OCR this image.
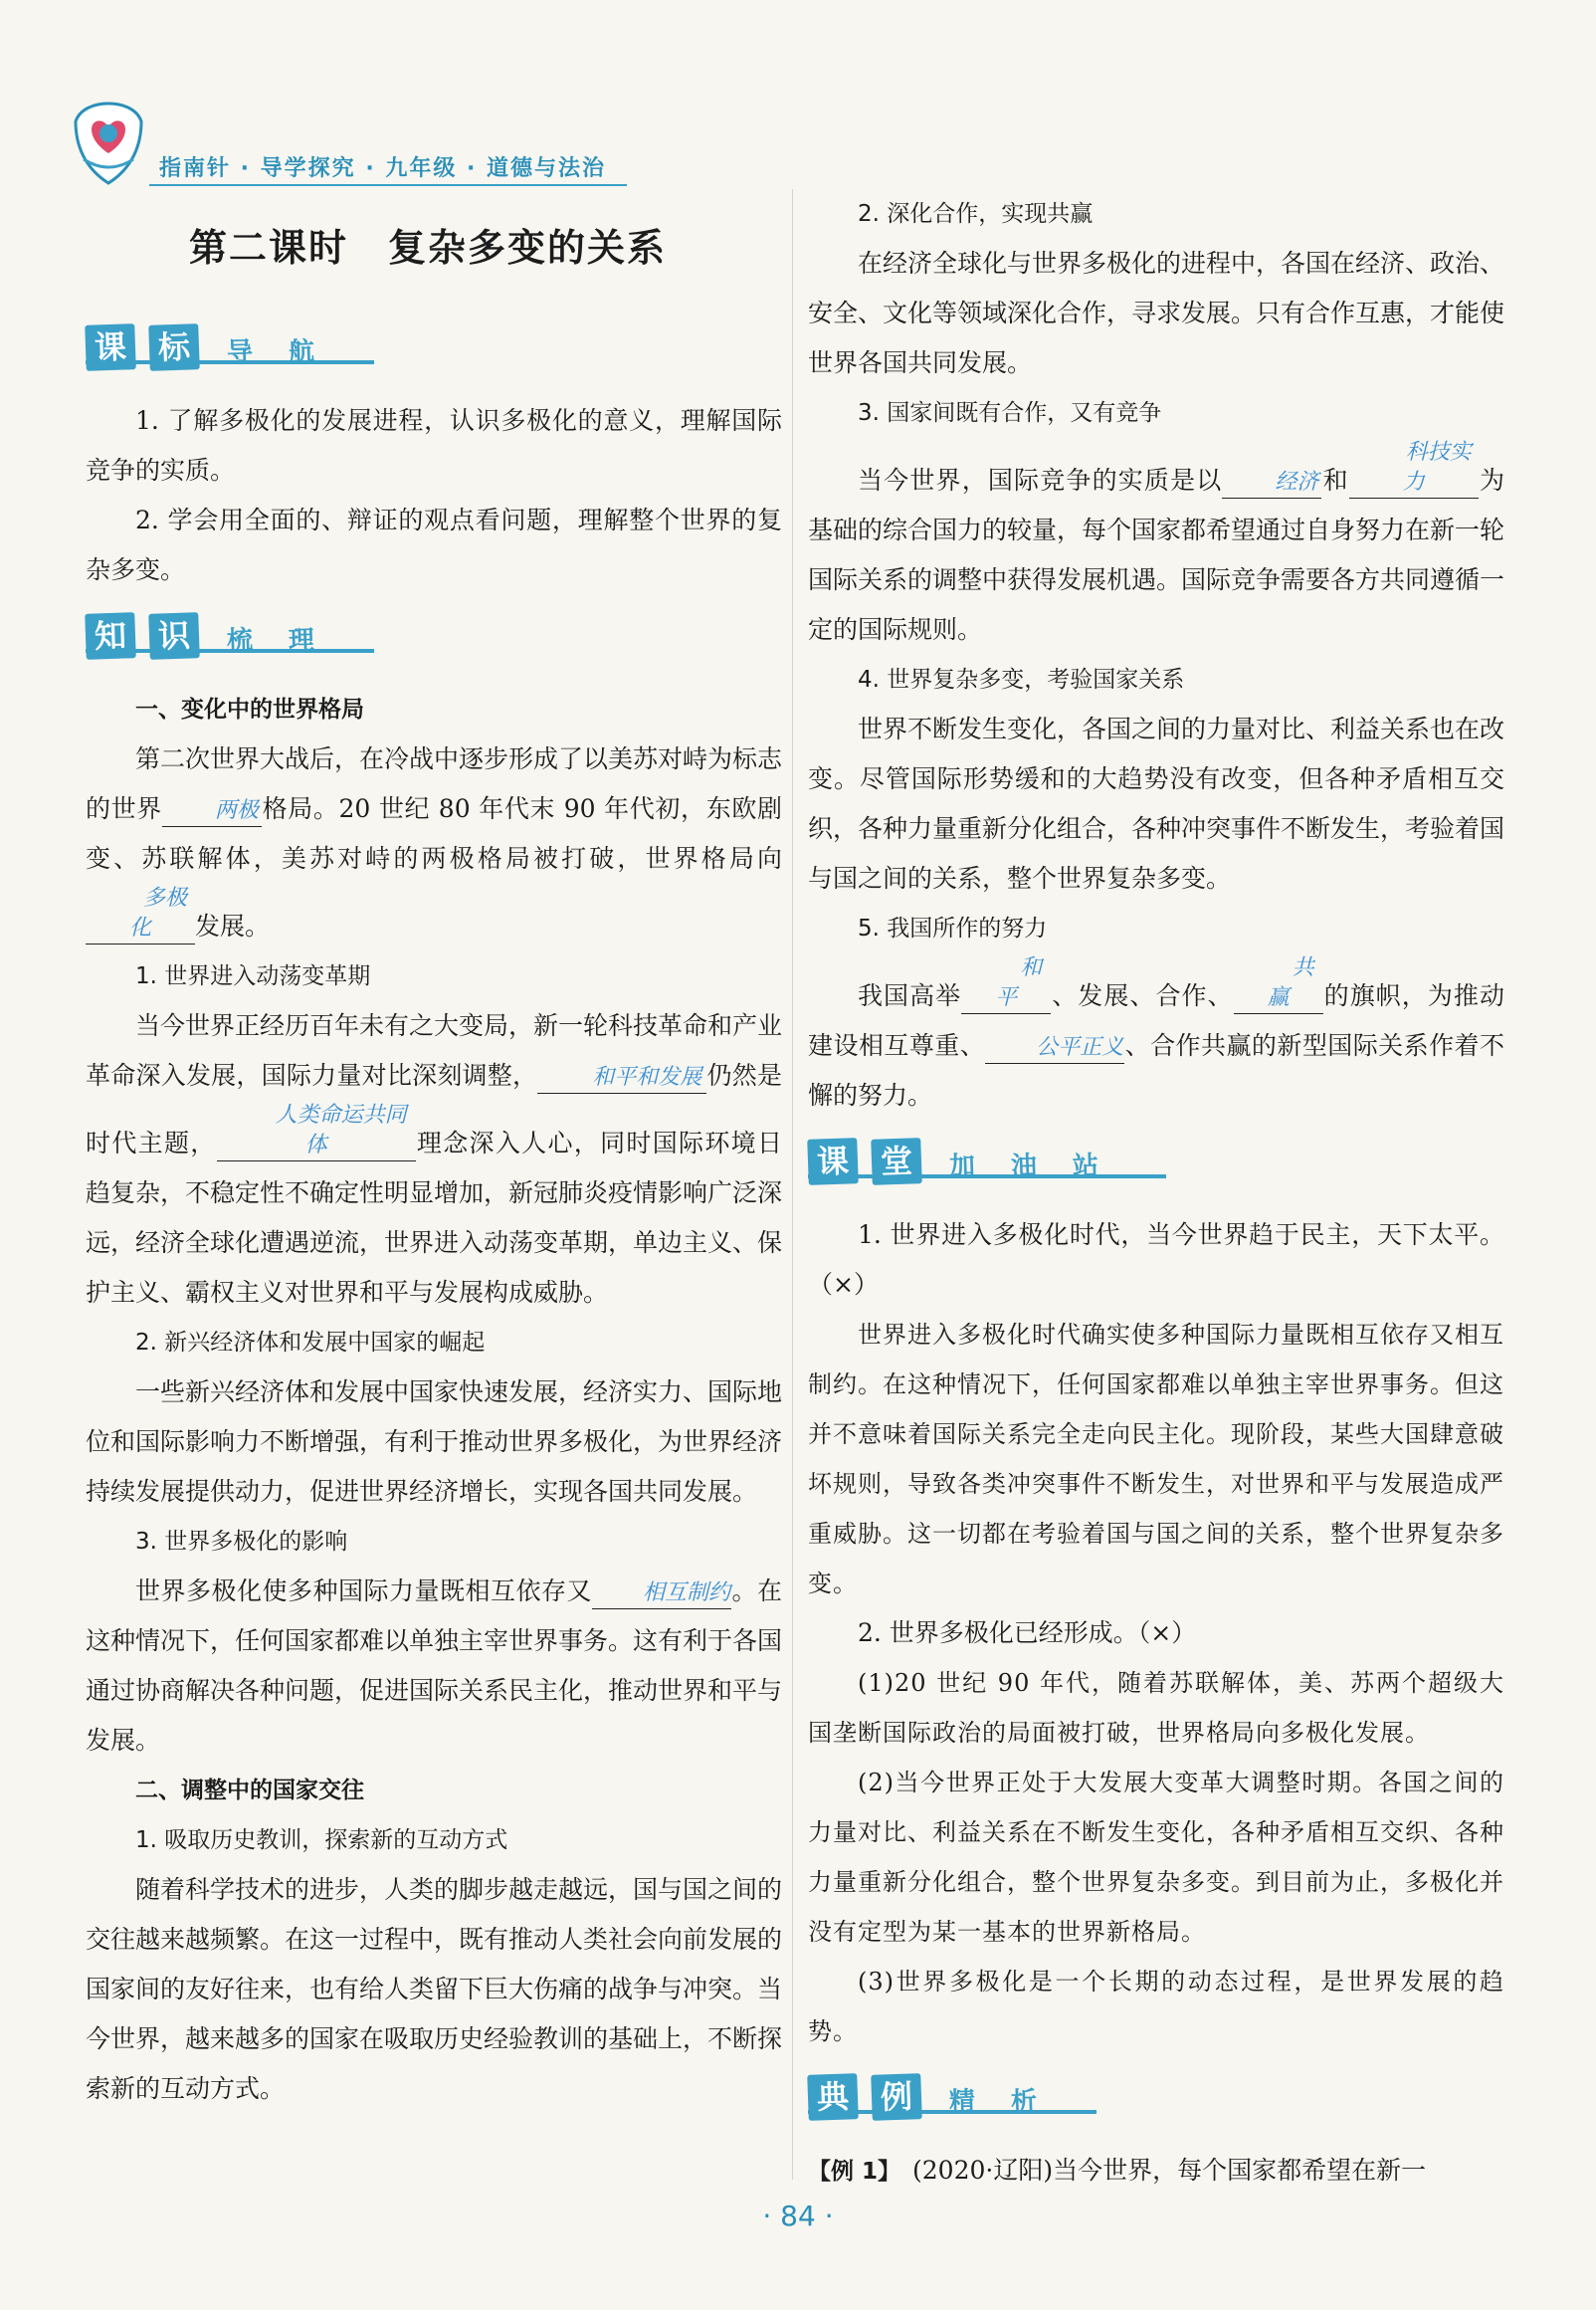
指南针 · 导学探究 · 九年级 · 道德与法治
第二课时　复杂多变的关系
课 标	导	航

1. 了解多极化的发展进程，认识多极化的意义，理解国际竞争的实质。

2. 学会用全面的、辩证的观点看问题，理解整个世界的复杂多变。

知 识	梳	理

一、变化中的世界格局

第二次世界大战后，在冷战中逐步形成了以美苏对峙为标志的世界 两极 格局。20 世纪 80 年代末 90 年代初，东欧剧变、苏联解体，美苏对峙的两极格局被打破，世界格局向多极化 发展。

1. 世界进入动荡变革期

当今世界正经历百年未有之大变局，新一轮科技革命和产业革命深入发展，国际力量对比深刻调整， 和平和发展 仍然是时代主题，人类命运共同体	理念深入人心，同时国际环境日趋复杂，不稳定性不确定性明显增加，新冠肺炎疫情影响广泛深远，经济全球化遭遇逆流，世界进入动荡变革期，单边主义、保护主义、霸权主义对世界和平与发展构成威胁。

2. 新兴经济体和发展中国家的崛起

一些新兴经济体和发展中国家快速发展，经济实力、国际地位和国际影响力不断增强，有利于推动世界多极化，为世界经济持续发展提供动力，促进世界经济增长，实现各国共同发展。

3. 世界多极化的影响

世界多极化使多种国际力量既相互依存又 相互制约。在这种情况下，任何国家都难以单独主宰世界事务。这有利于各国通过协商解决各种问题，促进国际关系民主化，推动世界和平与发展。

二、调整中的国家交往

1. 吸取历史教训，探索新的互动方式

随着科学技术的进步，人类的脚步越走越远，国与国之间的交往越来越频繁。在这一过程中，既有推动人类社会向前发展的国家间的友好往来，也有给人类留下巨大伤痛的战争与冲突。当今世界，越来越多的国家在吸取历史经验教训的基础上，不断探索新的互动方式。

2. 深化合作，实现共赢

在经济全球化与世界多极化的进程中，各国在经济、政治、安全、文化等领域深化合作，寻求发展。只有合作互惠，才能使世界各国共同发展。

3. 国家间既有合作，又有竞争

当今世界，国际竞争的实质是以 经济 和科技实力 为基础的综合国力的较量，每个国家都希望通过自身努力在新一轮国际关系的调整中获得发展机遇。国际竞争需要各方共同遵循一定的国际规则。

4. 世界复杂多变，考验国家关系

世界不断发生变化，各国之间的力量对比、利益关系也在改变。尽管国际形势缓和的大趋势没有改变，但各种矛盾相互交织，各种力量重新分化组合，各种冲突事件不断发生，考验着国与国之间的关系，整个世界复杂多变。

5. 我国所作的努力

我国高举和平 、发展、合作、共赢 的旗帜，为推动建设相互尊重、 公平正义、合作共赢的新型国际关系作着不懈的努力。

课 堂	加	油	站

1. 世界进入多极化时代，当今世界趋于民主，天下太平。（×）

世界进入多极化时代确实使多种国际力量既相互依存又相互制约。在这种情况下，任何国家都难以单独主宰世界事务。但这并不意味着国际关系完全走向民主化。现阶段，某些大国肆意破坏规则，导致各类冲突事件不断发生，对世界和平与发展造成严重威胁。这一切都在考验着国与国之间的关系，整个世界复杂多变。

2. 世界多极化已经形成。（×）

(1)20 世纪 90 年代，随着苏联解体，美、苏两个超级大国垄断国际政治的局面被打破，世界格局向多极化发展。

(2)当今世界正处于大发展大变革大调整时期。各国之间的力量对比、利益关系在不断发生变化，各种矛盾相互交织、各种力量重新分化组合，整个世界复杂多变。到目前为止，多极化并没有定型为某一基本的世界新格局。

(3)世界多极化是一个长期的动态过程，是世界发展的趋势。

典 例	精	析

【例 1】 (2020·辽阳)当今世界，每个国家都希望在新一

· 84 ·
